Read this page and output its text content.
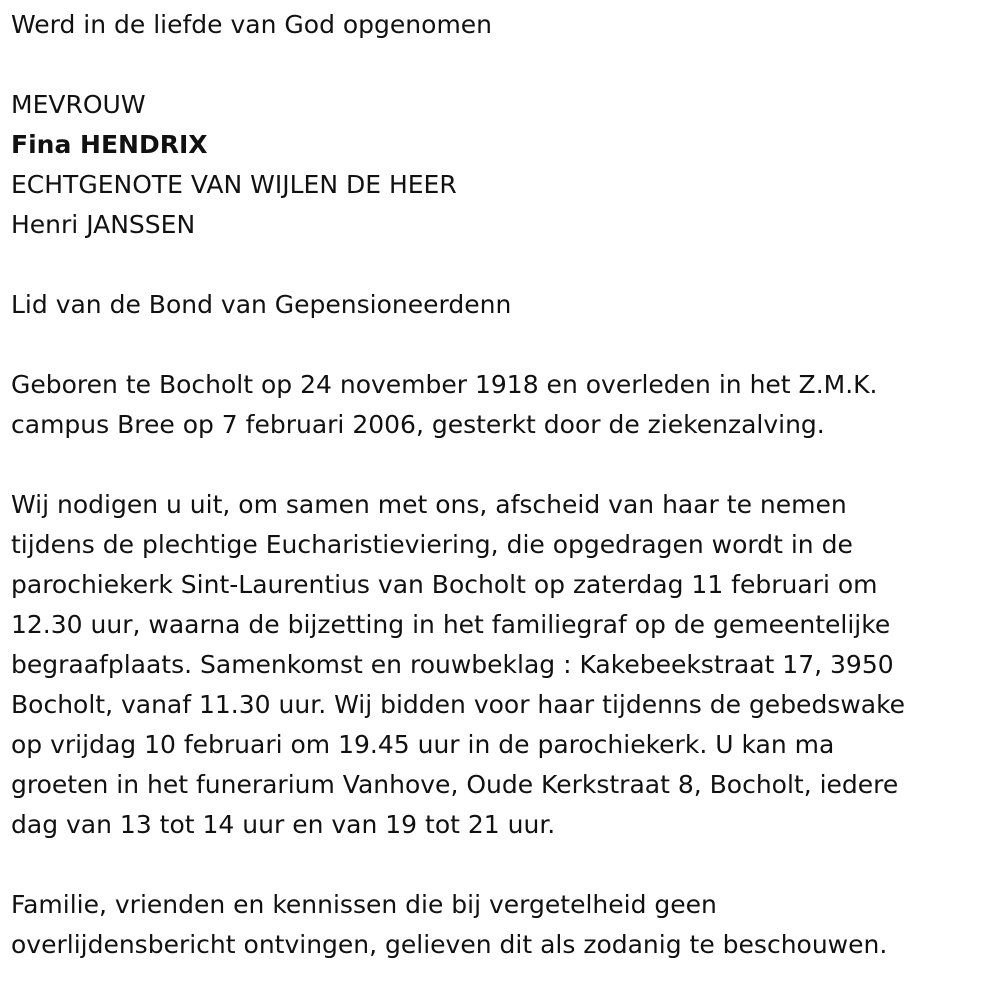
Werd in de liefde van God opgenomen
MEVROUW
Fina HENDRIX
ECHTGENOTE VAN WIJLEN DE HEER
Henri JANSSEN
Lid van de Bond van Gepensioneerdenn
Geboren te Bocholt op 24 november 1918 en overleden in het Z.M.K.
campus Bree op 7 februari 2006, gesterkt door de ziekenzalving.
Wij nodigen u uit, om samen met ons, afscheid van haar te nemen
tijdens de plechtige Eucharistieviering, die opgedragen wordt in de
parochiekerk Sint-Laurentius van Bocholt op zaterdag 11 februari om
12.30 uur, waarna de bijzetting in het familiegraf op de gemeentelijke
begraafplaats. Samenkomst en rouwbeklag : Kakebeekstraat 17, 3950
Bocholt, vanaf 11.30 uur. Wij bidden voor haar tijdenns de gebedswake
op vrijdag 10 februari om 19.45 uur in de parochiekerk. U kan ma
groeten in het funerarium Vanhove, Oude Kerkstraat 8, Bocholt, iedere
dag van 13 tot 14 uur en van 19 tot 21 uur.
Familie, vrienden en kennissen die bij vergetelheid geen
overlijdensbericht ontvingen, gelieven dit als zodanig te beschouwen.
